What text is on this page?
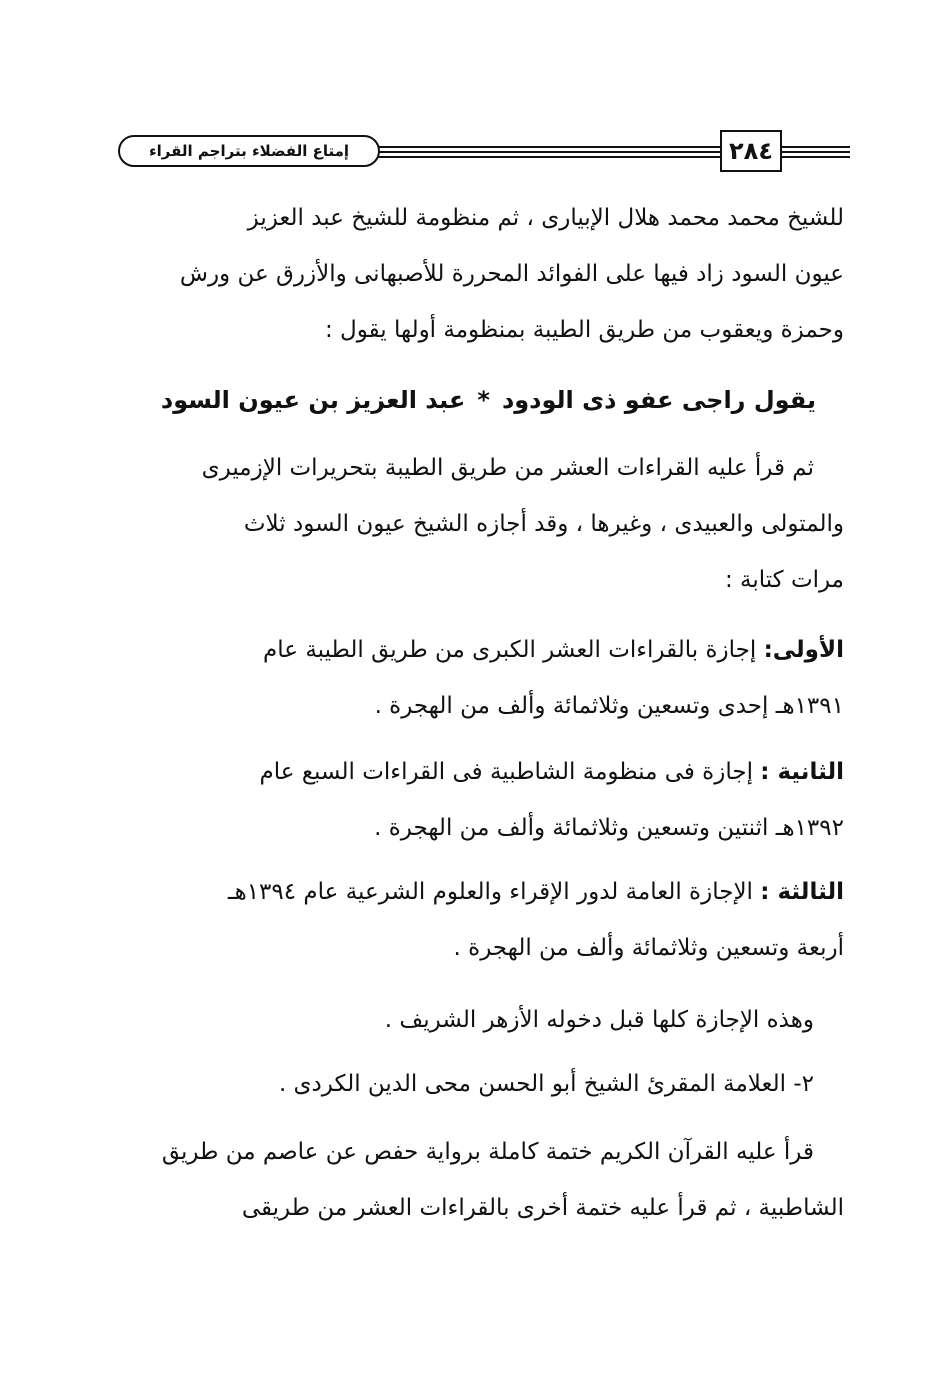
إمتاع الفضلاء بتراجم القراء	٢٨٤
للشيخ محمد محمد هلال الإبيارى ، ثم منظومة للشيخ عبد العزيز
عيون السود زاد فيها على الفوائد المحررة للأصبهانى والأزرق عن ورش
وحمزة ويعقوب من طريق الطيبة بمنظومة أولها يقول :
يقول راجى عفو ذى الودود*عبد العزيز بن عيون السود
ثم قرأ عليه القراءات العشر من طريق الطيبة بتحريرات الإزميرى
والمتولى والعبيدى ، وغيرها ، وقد أجازه الشيخ عيون السود ثلاث
مرات كتابة :
الأولى: إجازة بالقراءات العشر الكبرى من طريق الطيبة عام
١٣٩١هـ إحدى وتسعين وثلاثمائة وألف من الهجرة .
الثانية : إجازة فى منظومة الشاطبية فى القراءات السبع عام
١٣٩٢هـ اثنتين وتسعين وثلاثمائة وألف من الهجرة .
الثالثة : الإجازة العامة لدور الإقراء والعلوم الشرعية عام ١٣٩٤هـ
أربعة وتسعين وثلاثمائة وألف من الهجرة .
وهذه الإجازة كلها قبل دخوله الأزهر الشريف .
٢- العلامة المقرئ الشيخ أبو الحسن محى الدين الكردى .
قرأ عليه القرآن الكريم ختمة كاملة برواية حفص عن عاصم من طريق
الشاطبية ، ثم قرأ عليه ختمة أخرى بالقراءات العشر من طريقى
